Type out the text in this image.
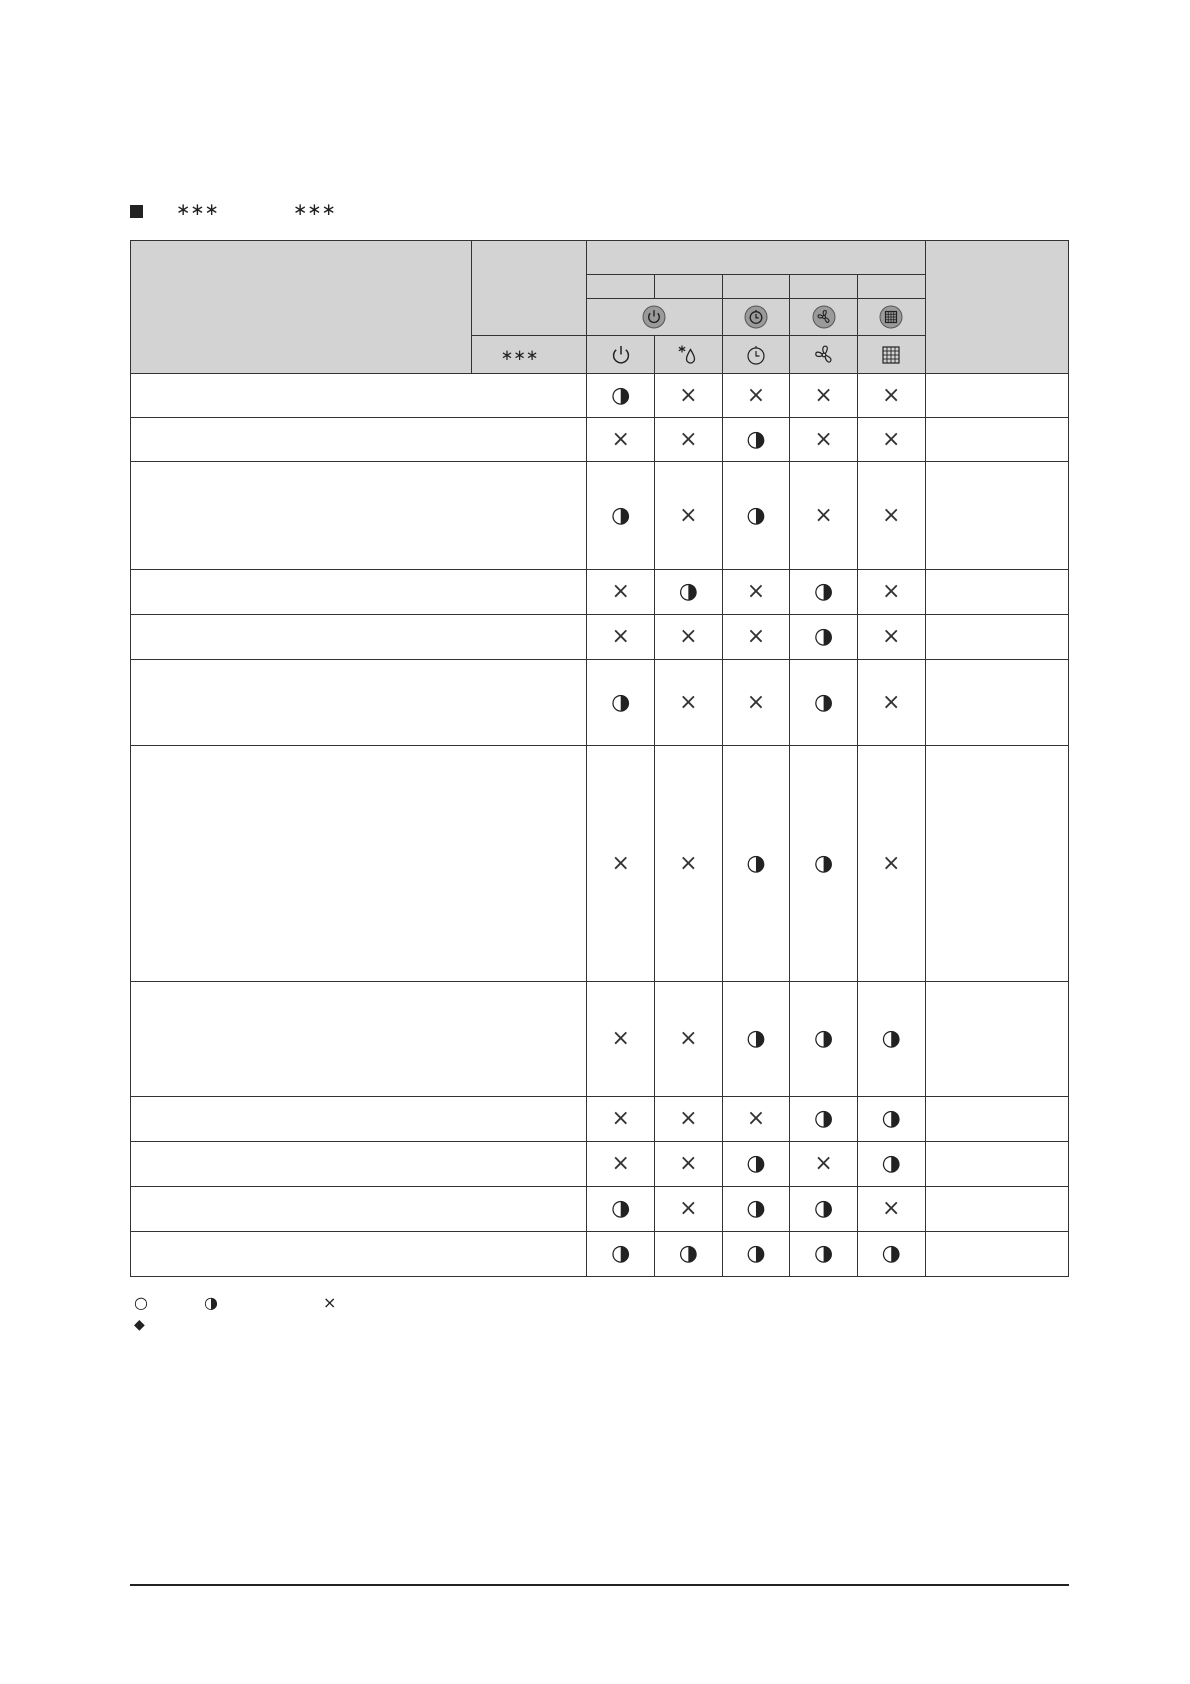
∗∗∗	∗∗∗

	∗∗∗	

		◑	×	×	×	×	
		×	×	◑	×	×	
		◑	×	◑	×	×	
		×	◑	×	◑	×	
		×	×	×	◑	×	
		◑	×	×	◑	×	
		×	×	◑	◑	×	
		×	×	◑	◑	◑	
		×	×	×	◑	◑	
		×	×	◑	×	◑	
		◑	×	◑	◑	×	
		◑	◑	◑	◑	◑	
○	◑	×
◆
